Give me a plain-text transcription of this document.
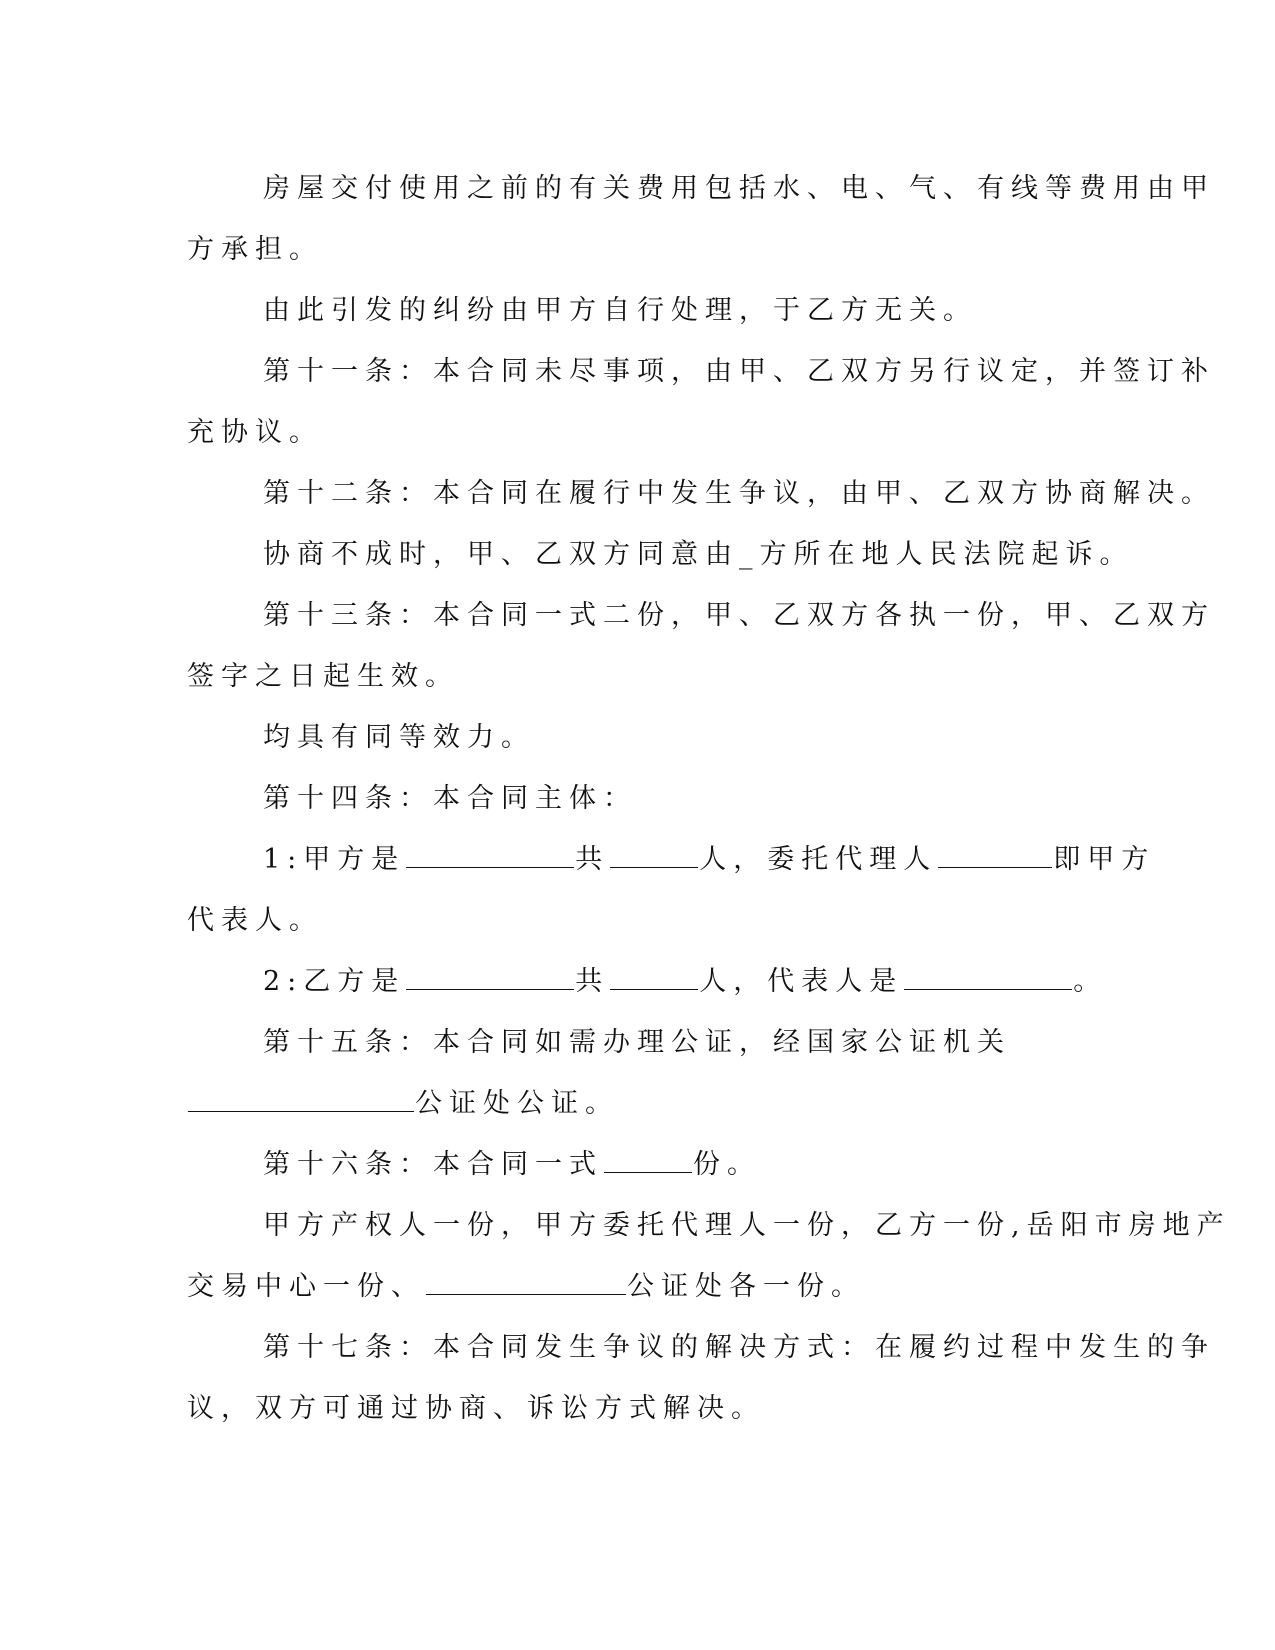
房屋交付使用之前的有关费用包括水、电、气、有线等费用由甲

方承担。

由此引发的纠纷由甲方自行处理，于乙方无关。

第十一条：本合同未尽事项，由甲、乙双方另行议定，并签订补

充协议。

第十二条：本合同在履行中发生争议，由甲、乙双方协商解决。

协商不成时，甲、乙双方同意由_方所在地人民法院起诉。

第十三条：本合同一式二份，甲、乙双方各执一份，甲、乙双方

签字之日起生效。

均具有同等效力。

第十四条：本合同主体：

1:甲方是	共	人，委托代理人	即甲方

代表人。

2:乙方是	共	人，代表人是	。

第十五条：本合同如需办理公证，经国家公证机关

公证处公证。

第十六条：本合同一式	份。

甲方产权人一份，甲方委托代理人一份，乙方一份,岳阳市房地产

交易中心一份、	公证处各一份。

第十七条：本合同发生争议的解决方式：在履约过程中发生的争

议，双方可通过协商、诉讼方式解决。
